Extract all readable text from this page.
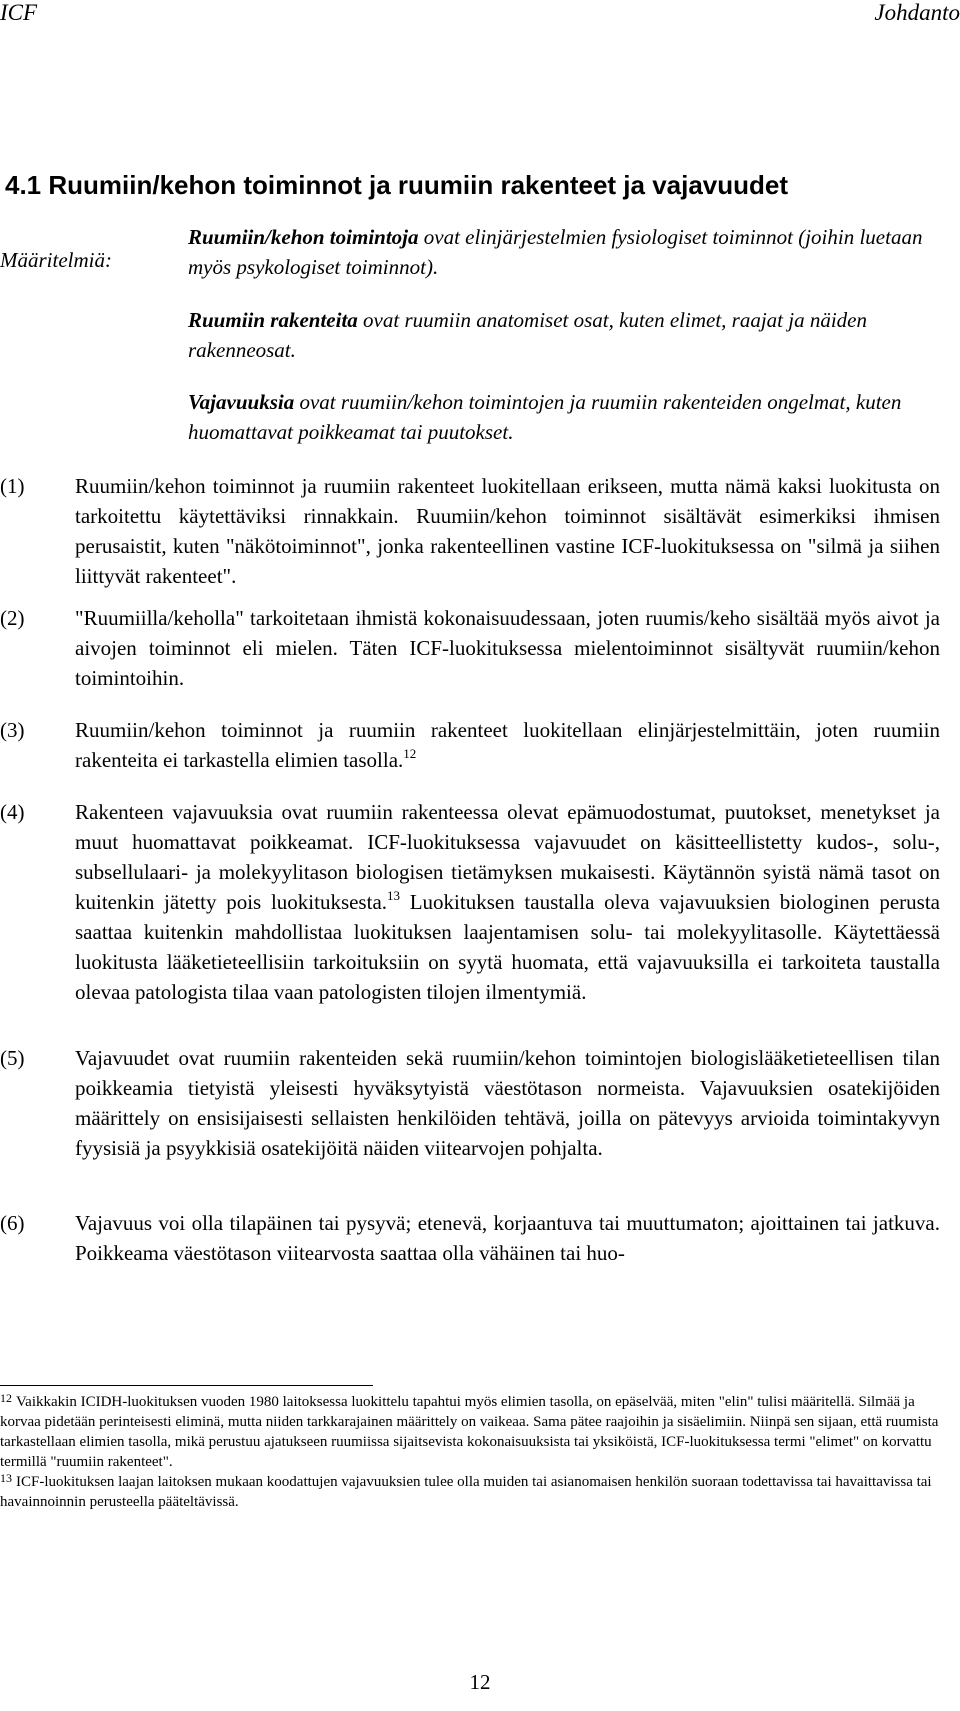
ICF	Johdanto
4.1 Ruumiin/kehon toiminnot ja ruumiin rakenteet ja vajavuudet
Määritelmiä:

Ruumiin/kehon toimintoja ovat elinjärjestelmien fysiologiset toiminnot (joihin luetaan myös psykologiset toiminnot).

Ruumiin rakenteita ovat ruumiin anatomiset osat, kuten elimet, raajat ja näiden rakenneosat.

Vajavuuksia ovat ruumiin/kehon toimintojen ja ruumiin rakenteiden ongelmat, kuten huomattavat poikkeamat tai puutokset.

(1) Ruumiin/kehon toiminnot ja ruumiin rakenteet luokitellaan erikseen, mutta nämä kaksi luokitusta on tarkoitettu käytettäviksi rinnakkain. Ruumiin/kehon toiminnot sisältävät esimerkiksi ihmisen perusaistit, kuten "näkötoiminnot", jonka rakenteellinen vastine ICF-luokituksessa on "silmä ja siihen liittyvät rakenteet".
(2) "Ruumiilla/keholla" tarkoitetaan ihmistä kokonaisuudessaan, joten ruumis/keho sisältää myös aivot ja aivojen toiminnot eli mielen. Täten ICF-luokituksessa mielentoiminnot sisältyvät ruumiin/kehon toimintoihin.
(3) Ruumiin/kehon toiminnot ja ruumiin rakenteet luokitellaan elinjärjestelmittäin, joten ruumiin rakenteita ei tarkastella elimien tasolla.$^{12}$
(4) Rakenteen vajavuuksia ovat ruumiin rakenteessa olevat epämuodostumat, puutokset, menetykset ja muut huomattavat poikkeamat. ICF-luokituksessa vajavuudet on käsitteellistetty kudos-, solu-, subsellulaari- ja molekyylitason biologisen tietämyksen mukaisesti. Käytännön syistä nämä tasot on kuitenkin jätetty pois luokituksesta.$^{13}$ Luokituksen taustalla oleva vajavuuksien biologinen perusta saattaa kuitenkin mahdollistaa luokituksen laajentamisen solu- tai molekyylitasolle. Käytettäessä luokitusta lääketieteellisiin tarkoituksiin on syytä huomata, että vajavuuksilla ei tarkoiteta taustalla olevaa patologista tilaa vaan patologisten tilojen ilmentymiä.
(5) Vajavuudet ovat ruumiin rakenteiden sekä ruumiin/kehon toimintojen biologislääketieteellisen tilan poikkeamia tietyistä yleisesti hyväksytyistä väestötason normeista. Vajavuuksien osatekijöiden määrittely on ensisijaisesti sellaisten henkilöiden tehtävä, joilla on pätevyys arvioida toimintakyvyn fyysisiä ja psyykkisiä osatekijöitä näiden viitearvojen pohjalta.
(6) Vajavuus voi olla tilapäinen tai pysyvä; etenevä, korjaantuva tai muuttumaton; ajoittainen tai jatkuva. Poikkeama väestötason viitearvosta saattaa olla vähäinen tai huo-

$^{12}$ Vaikkakin ICIDH-luokituksen vuoden 1980 laitoksessa luokittelu tapahtui myös elimien tasolla, on epäselvää, miten "elin" tulisi määritellä. Silmää ja korvaa pidetään perinteisesti eliminä, mutta niiden tarkkarajainen määrittely on vaikeaa. Sama pätee raajoihin ja sisäelimiin. Niinpä sen sijaan, että ruumista tarkastellaan elimien tasolla, mikä perustuu ajatukseen ruumiissa sijaitsevista kokonaisuuksista tai yksiköistä, ICF-luokituksessa termi "elimet" on korvattu termillä "ruumiin rakenteet".

$^{13}$ ICF-luokituksen laajan laitoksen mukaan koodattujen vajavuuksien tulee olla muiden tai asianomaisen henkilön suoraan todettavissa tai havaittavissa tai havainnoinnin perusteella pääteltävissä.

12
